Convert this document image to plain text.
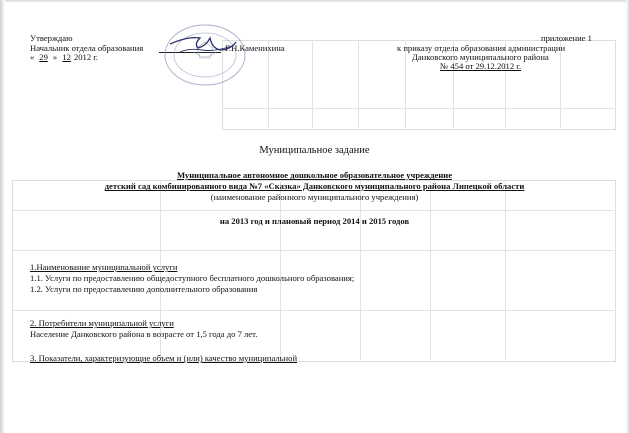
Утверждаю
Начальник отдела образования	Г.Н.Каменихина
« 29 » 12 2012 г.
приложение 1
к приказу отдела образования администрации
Данковского муниципального района
№ 454 от 29.12.2012 г.
Муниципальное задание
Муниципальное автономное дошкольное образовательное учреждение
детский сад комбинированного вида №7 «Сказка» Данковского муниципального района Липецкой области
(наименование районного муниципального учреждения)
на 2013 год и плановый период 2014 и 2015 годов
1.Наименование муниципальной услуги
1.1. Услуги по предоставлению общедоступного бесплатного дошкольного образования;
1.2. Услуги по предоставлению дополнительного образования
2. Потребители муниципальной услуги
Население Данковского района в возрасте от 1,5 года до 7 лет.
3. Показатели, характеризующие объем и (или) качество муниципальной
